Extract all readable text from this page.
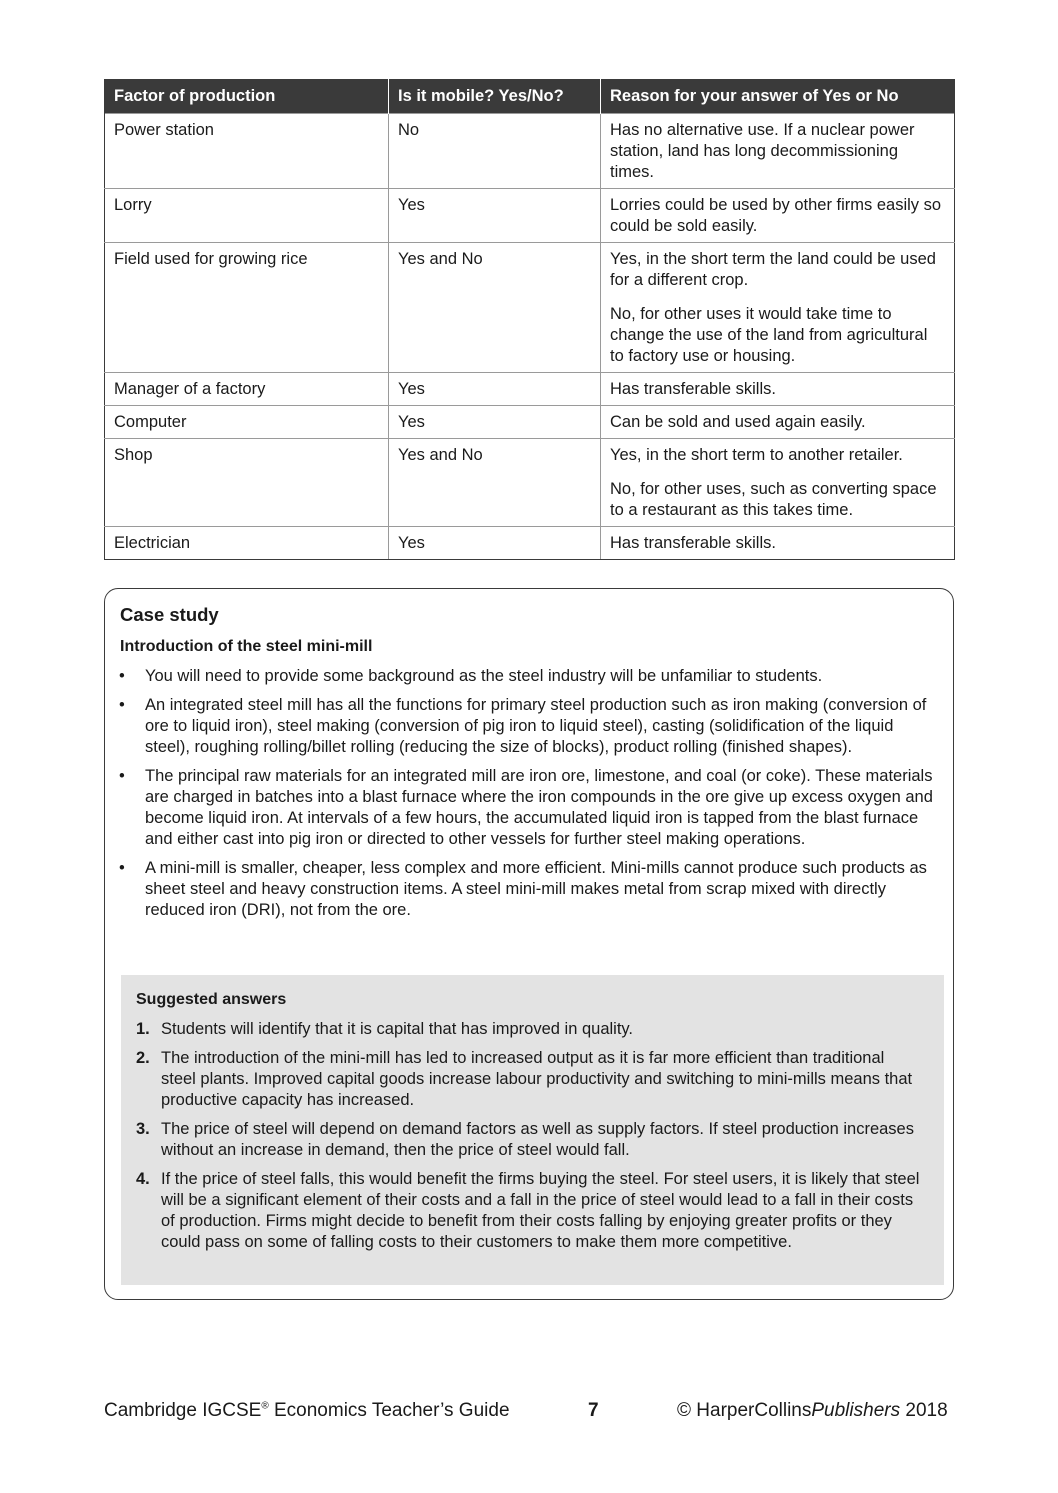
Factor of production	Is it mobile? Yes/No?	Reason for your answer of Yes or No
Power station	No	Has no alternative use. If a nuclear power station, land has long decommissioning times.

Lorry	Yes	Lorries could be used by other firms easily so could be sold easily.

Field used for growing rice	Yes and No	Yes, in the short term the land could be used for a different crop.

No, for other uses it would take time to change the use of the land from agricultural to factory use or housing.

Manager of a factory	Yes	Has transferable skills.

Computer	Yes	Can be sold and used again easily.

Shop	Yes and No	Yes, in the short term to another retailer.

No, for other uses, such as converting space to a restaurant as this takes time.

Electrician	Yes	Has transferable skills.

Case study
Introduction of the steel mini-mill
• You will need to provide some background as the steel industry will be unfamiliar to students.
• An integrated steel mill has all the functions for primary steel production such as iron making (conversion of ore to liquid iron), steel making (conversion of pig iron to liquid steel), casting (solidification of the liquid steel), roughing rolling/billet rolling (reducing the size of blocks), product rolling (finished shapes).
• The principal raw materials for an integrated mill are iron ore, limestone, and coal (or coke). These materials are charged in batches into a blast furnace where the iron compounds in the ore give up excess oxygen and become liquid iron. At intervals of a few hours, the accumulated liquid iron is tapped from the blast furnace and either cast into pig iron or directed to other vessels for further steel making operations.
• A mini-mill is smaller, cheaper, less complex and more efficient. Mini-mills cannot produce such products as sheet steel and heavy construction items. A steel mini-mill makes metal from scrap mixed with directly reduced iron (DRI), not from the ore.
Suggested answers
1. Students will identify that it is capital that has improved in quality.
2. The introduction of the mini-mill has led to increased output as it is far more efficient than traditional steel plants. Improved capital goods increase labour productivity and switching to mini-mills means that productive capacity has increased.
3. The price of steel will depend on demand factors as well as supply factors. If steel production increases without an increase in demand, then the price of steel would fall.
4. If the price of steel falls, this would benefit the firms buying the steel. For steel users, it is likely that steel will be a significant element of their costs and a fall in the price of steel would lead to a fall in their costs of production. Firms might decide to benefit from their costs falling by enjoying greater profits or they could pass on some of falling costs to their customers to make them more competitive.
Cambridge IGCSE® Economics Teacher’s Guide	7	© HarperCollinsPublishers 2018
